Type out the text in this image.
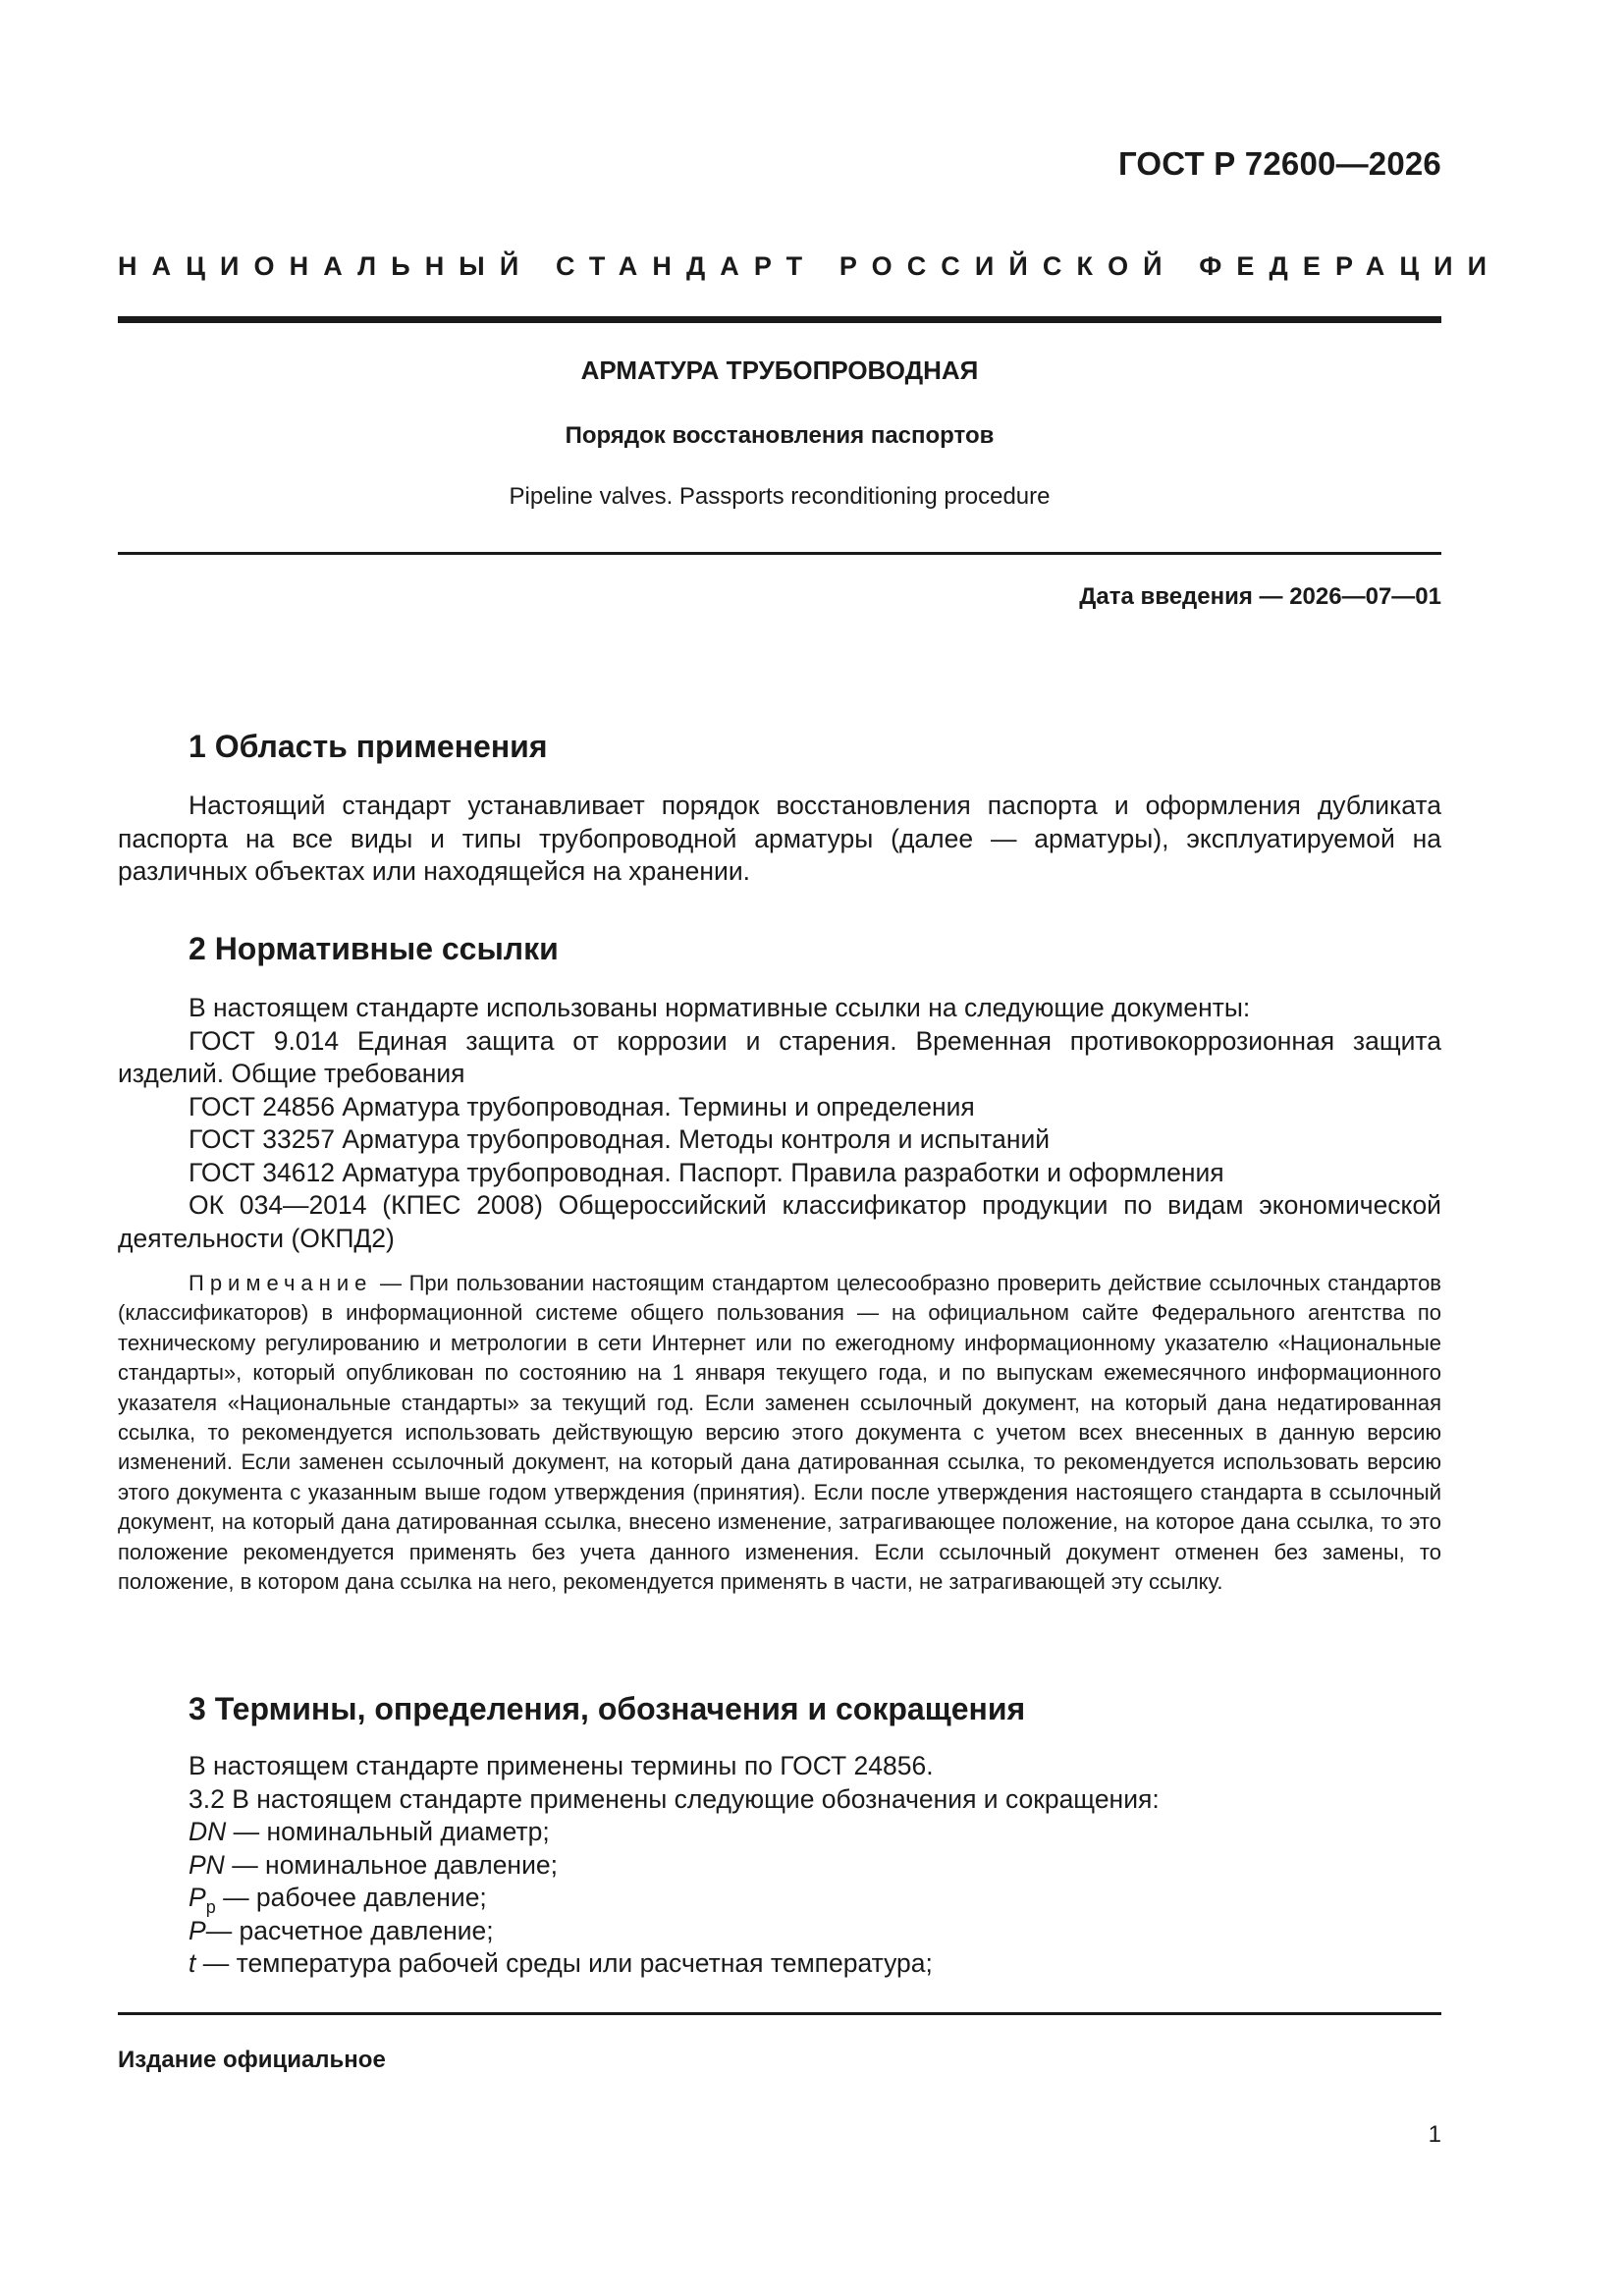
ГОСТ Р 72600—2026
НАЦИОНАЛЬНЫЙ СТАНДАРТ РОССИЙСКОЙ ФЕДЕРАЦИИ
АРМАТУРА ТРУБОПРОВОДНАЯ
Порядок восстановления паспортов
Pipeline valves. Passports reconditioning procedure
Дата введения — 2026—07—01
1 Область применения

Настоящий стандарт устанавливает порядок восстановления паспорта и оформления дубликата паспорта на все виды и типы трубопроводной арматуры (далее — арматуры), эксплуатируемой на различных объектах или находящейся на хранении.

2 Нормативные ссылки

В настоящем стандарте использованы нормативные ссылки на следующие документы:

ГОСТ 9.014 Единая защита от коррозии и старения. Временная противокоррозионная защита изделий. Общие требования

ГОСТ 24856 Арматура трубопроводная. Термины и определения

ГОСТ 33257 Арматура трубопроводная. Методы контроля и испытаний

ГОСТ 34612 Арматура трубопроводная. Паспорт. Правила разработки и оформления

ОК 034—2014 (КПЕС 2008) Общероссийский классификатор продукции по видам экономической деятельности (ОКПД2)

Примечание — При пользовании настоящим стандартом целесообразно проверить действие ссылочных стандартов (классификаторов) в информационной системе общего пользования — на официальном сайте Федерального агентства по техническому регулированию и метрологии в сети Интернет или по ежегодному информационному указателю «Национальные стандарты», который опубликован по состоянию на 1 января текущего года, и по выпускам ежемесячного информационного указателя «Национальные стандарты» за текущий год. Если заменен ссылочный документ, на который дана недатированная ссылка, то рекомендуется использовать действующую версию этого документа с учетом всех внесенных в данную версию изменений. Если заменен ссылочный документ, на который дана датированная ссылка, то рекомендуется использовать версию этого документа с указанным выше годом утверждения (принятия). Если после утверждения настоящего стандарта в ссылочный документ, на который дана датированная ссылка, внесено изменение, затрагивающее положение, на которое дана ссылка, то это положение рекомендуется применять без учета данного изменения. Если ссылочный документ отменен без замены, то положение, в котором дана ссылка на него, рекомендуется применять в части, не затрагивающей эту ссылку.

3 Термины, определения, обозначения и сокращения

В настоящем стандарте применены термины по ГОСТ 24856.

3.2 В настоящем стандарте применены следующие обозначения и сокращения:

DN — номинальный диаметр;

PN — номинальное давление;

$P_р$ — рабочее давление;

P— расчетное давление;

t — температура рабочей среды или расчетная температура;

Издание официальное
1
